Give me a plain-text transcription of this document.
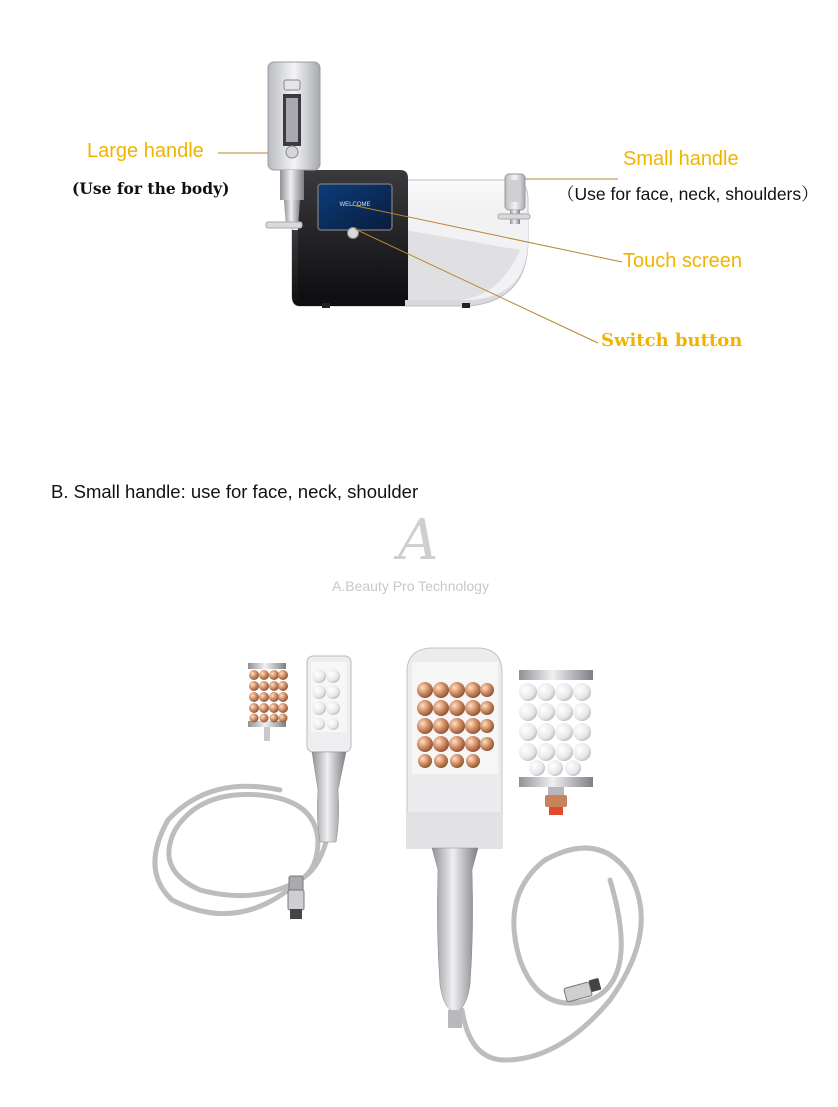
WELCOME
Large handle
(Use for the body)
Small handle
（Use for face, neck, shoulders）
Touch screen
Switch button
B. Small handle: use for face, neck, shoulder
A
A.Beauty Pro Technology
